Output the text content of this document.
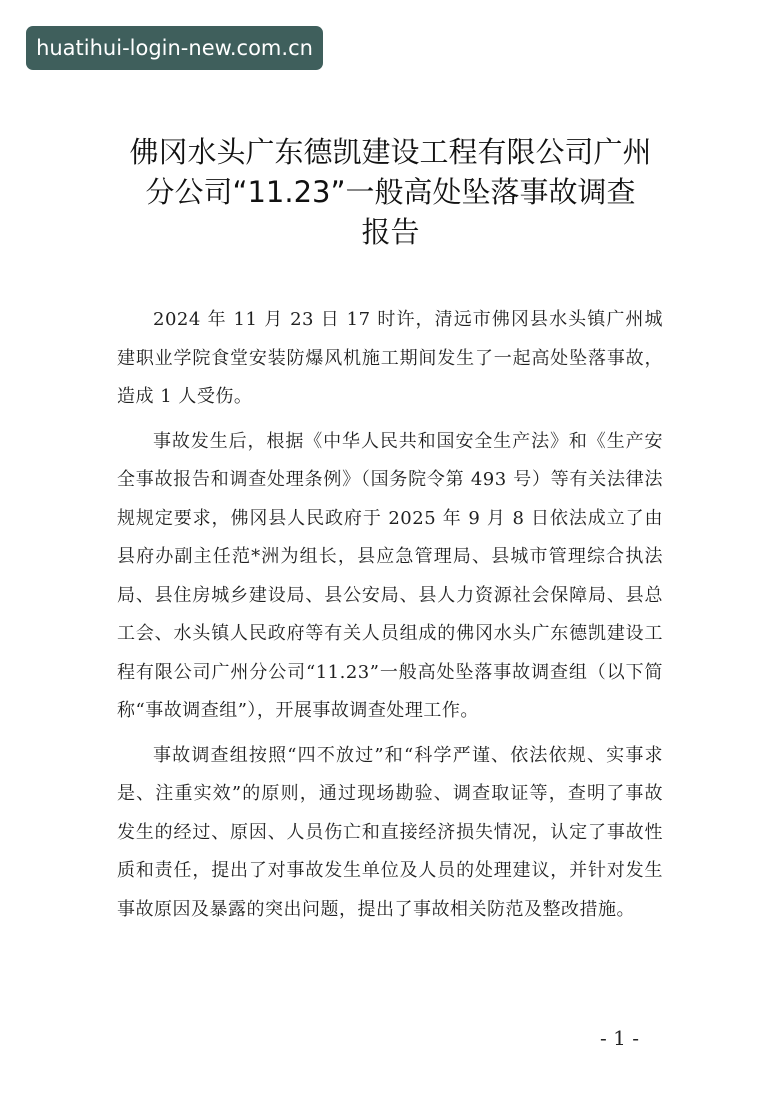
huatihui-login-new.com.cn
佛冈水头广东德凯建设工程有限公司广州
分公司“11.23”一般高处坠落事故调查
报告

2024 年 11 月 23 日 17 时许，清远市佛冈县水头镇广州城建职业学院食堂安装防爆风机施工期间发生了一起高处坠落事故，造成 1 人受伤。

事故发生后，根据《中华人民共和国安全生产法》和《生产安全事故报告和调查处理条例》（国务院令第 493 号）等有关法律法规规定要求，佛冈县人民政府于 2025 年 9 月 8 日依法成立了由县府办副主任范*洲为组长，县应急管理局、县城市管理综合执法局、县住房城乡建设局、县公安局、县人力资源社会保障局、县总工会、水头镇人民政府等有关人员组成的佛冈水头广东德凯建设工程有限公司广州分公司“11.23”一般高处坠落事故调查组（以下简称“事故调查组”），开展事故调查处理工作。

事故调查组按照“四不放过”和“科学严谨、依法依规、实事求是、注重实效”的原则，通过现场勘验、调查取证等，查明了事故发生的经过、原因、人员伤亡和直接经济损失情况，认定了事故性质和责任，提出了对事故发生单位及人员的处理建议，并针对发生事故原因及暴露的突出问题，提出了事故相关防范及整改措施。

- 1 -
